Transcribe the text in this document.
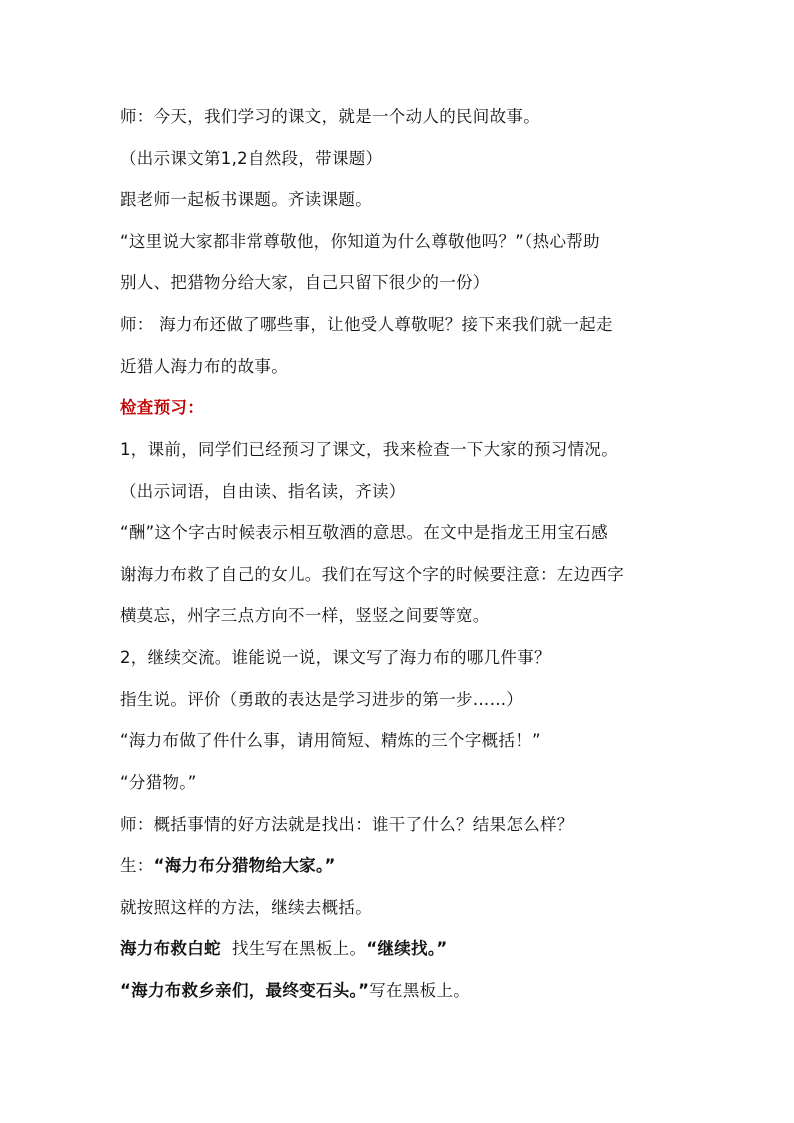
师：今天，我们学习的课文，就是一个动人的民间故事。
（出示课文第1,2自然段，带课题）
跟老师一起板书课题。齐读课题。
“这里说大家都非常尊敬他，你知道为什么尊敬他吗？”（热心帮助
别人、把猎物分给大家，自己只留下很少的一份）
师： 海力布还做了哪些事，让他受人尊敬呢？接下来我们就一起走
近猎人海力布的故事。
检查预习：
1，课前，同学们已经预习了课文，我来检查一下大家的预习情况。
（出示词语，自由读、指名读，齐读）
“酬”这个字古时候表示相互敬酒的意思。在文中是指龙王用宝石感
谢海力布救了自己的女儿。我们在写这个字的时候要注意：左边西字
横莫忘，州字三点方向不一样，竖竖之间要等宽。
2，继续交流。谁能说一说，课文写了海力布的哪几件事？
指生说。评价（勇敢的表达是学习进步的第一步……）
“海力布做了件什么事，请用简短、精炼的三个字概括！”
“分猎物。”
师：概括事情的好方法就是找出：谁干了什么？结果怎么样？
生：“海力布分猎物给大家。”
就按照这样的方法，继续去概括。
海力布救白蛇  找生写在黑板上。“继续找。”
“海力布救乡亲们，最终变石头。”写在黑板上。
